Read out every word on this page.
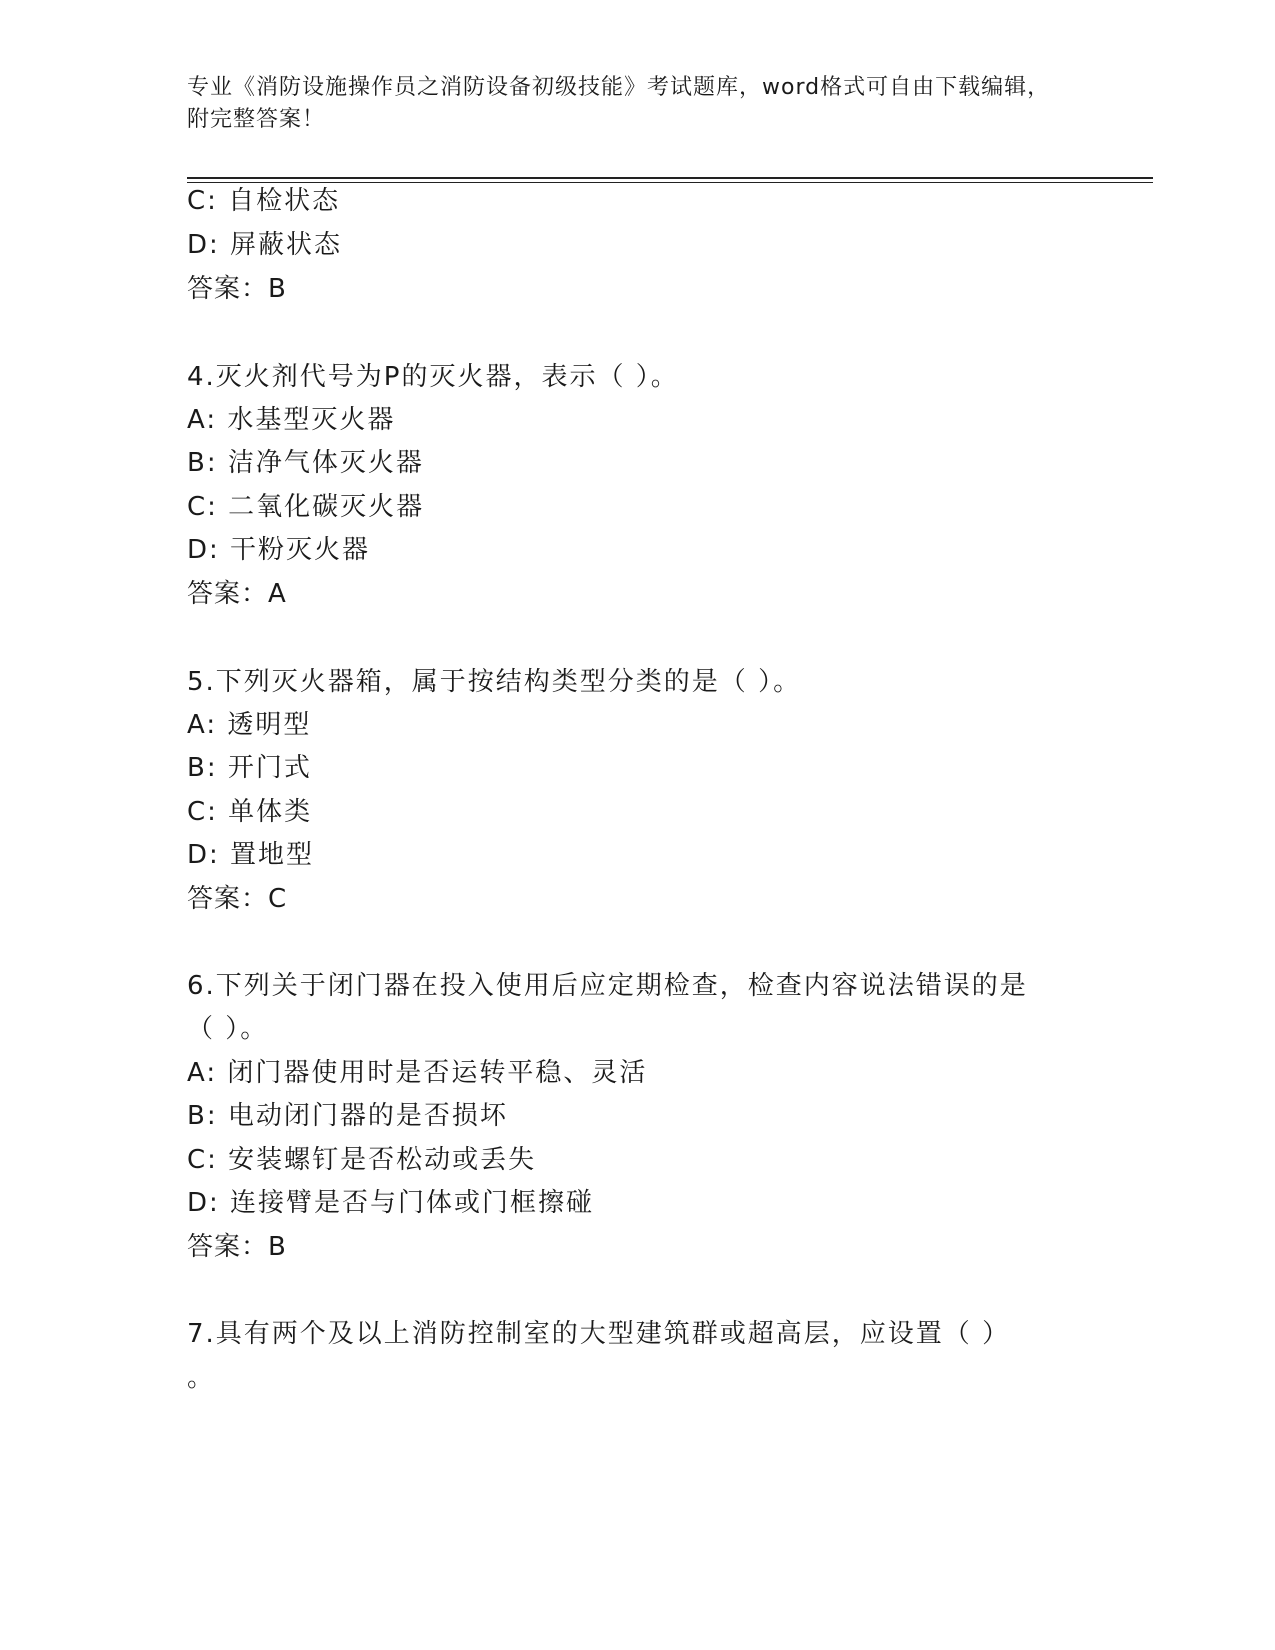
专业《消防设施操作员之消防设备初级技能》考试题库，word格式可自由下载编辑，附完整答案！
C: 自检状态
D: 屏蔽状态
答案：B
4.灭火剂代号为P的灭火器，表示（ ）。
A: 水基型灭火器
B: 洁净气体灭火器
C: 二氧化碳灭火器
D: 干粉灭火器
答案：A
5.下列灭火器箱，属于按结构类型分类的是（ ）。
A: 透明型
B: 开门式
C: 单体类
D: 置地型
答案：C
6.下列关于闭门器在投入使用后应定期检查，检查内容说法错误的是
（ ）。
A: 闭门器使用时是否运转平稳、灵活
B: 电动闭门器的是否损坏
C: 安装螺钉是否松动或丢失
D: 连接臂是否与门体或门框擦碰
答案：B
7.具有两个及以上消防控制室的大型建筑群或超高层，应设置（ ）
。
